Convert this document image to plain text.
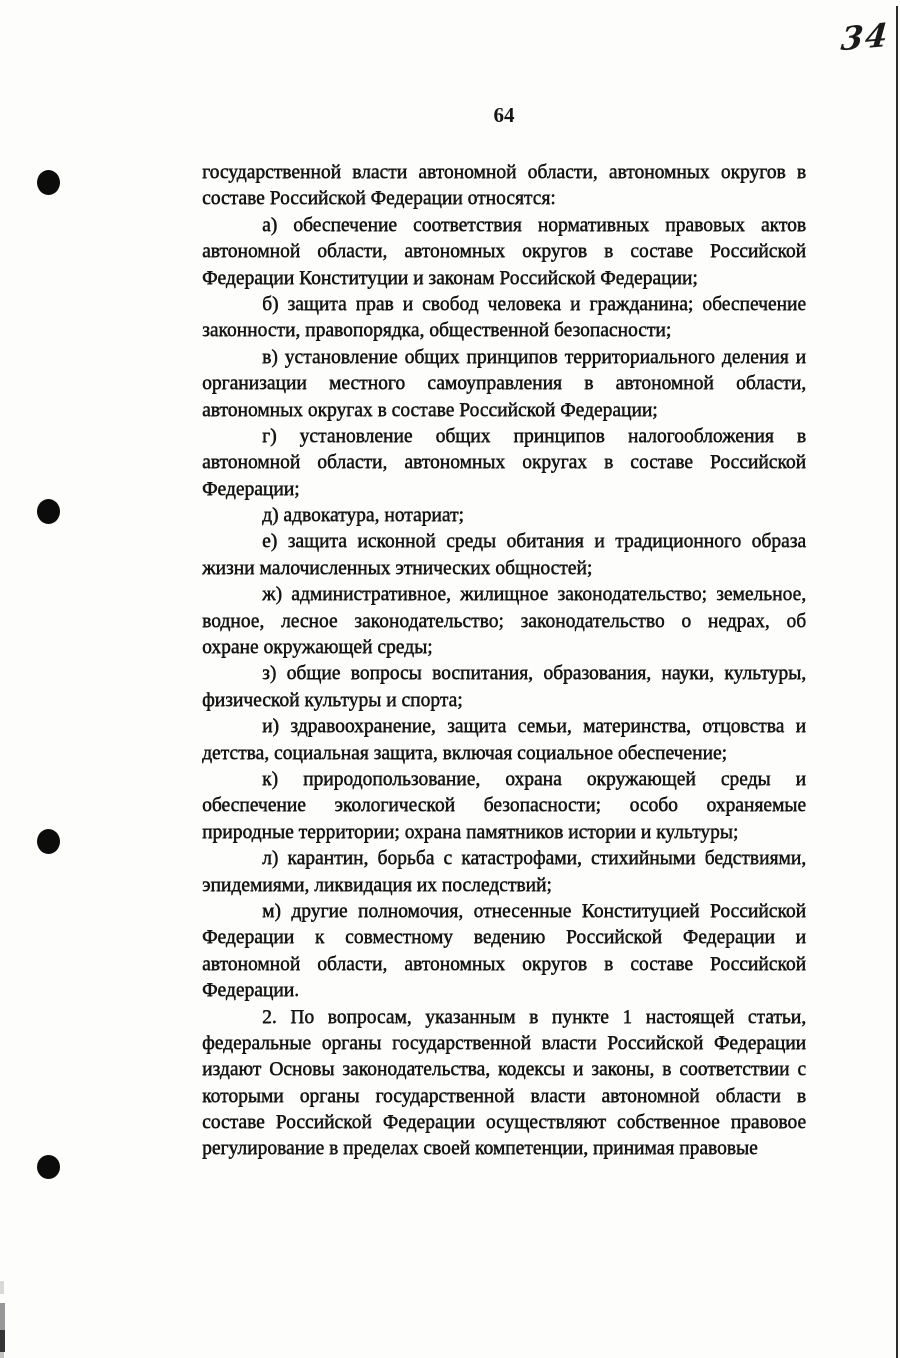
34
64
государственной власти автономной области, автономных округов в
составе Российской Федерации относятся:
а) обеспечение соответствия нормативных правовых актов
автономной области, автономных округов в составе Российской
Федерации Конституции и законам Российской Федерации;
б) защита прав и свобод человека и гражданина; обеспечение
законности, правопорядка, общественной безопасности;
в) установление общих принципов территориального деления и
организации местного самоуправления в автономной области,
автономных округах в составе Российской Федерации;
г) установление общих принципов налогообложения в
автономной области, автономных округах в составе Российской
Федерации;
д) адвокатура, нотариат;
е) защита исконной среды обитания и традиционного образа
жизни малочисленных этнических общностей;
ж) административное, жилищное законодательство; земельное,
водное, лесное законодательство; законодательство о недрах, об
охране окружающей среды;
з) общие вопросы воспитания, образования, науки, культуры,
физической культуры и спорта;
и) здравоохранение, защита семьи, материнства, отцовства и
детства, социальная защита, включая социальное обеспечение;
к) природопользование, охрана окружающей среды и
обеспечение экологической безопасности; особо охраняемые
природные территории; охрана памятников истории и культуры;
л) карантин, борьба с катастрофами, стихийными бедствиями,
эпидемиями, ликвидация их последствий;
м) другие полномочия, отнесенные Конституцией Российской
Федерации к совместному ведению Российской Федерации и
автономной области, автономных округов в составе Российской
Федерации.
2. По вопросам, указанным в пункте 1 настоящей статьи,
федеральные органы государственной власти Российской Федерации
издают Основы законодательства, кодексы и законы, в соответствии с
которыми органы государственной власти автономной области в
составе Российской Федерации осуществляют собственное правовое
регулирование в пределах своей компетенции, принимая правовые
